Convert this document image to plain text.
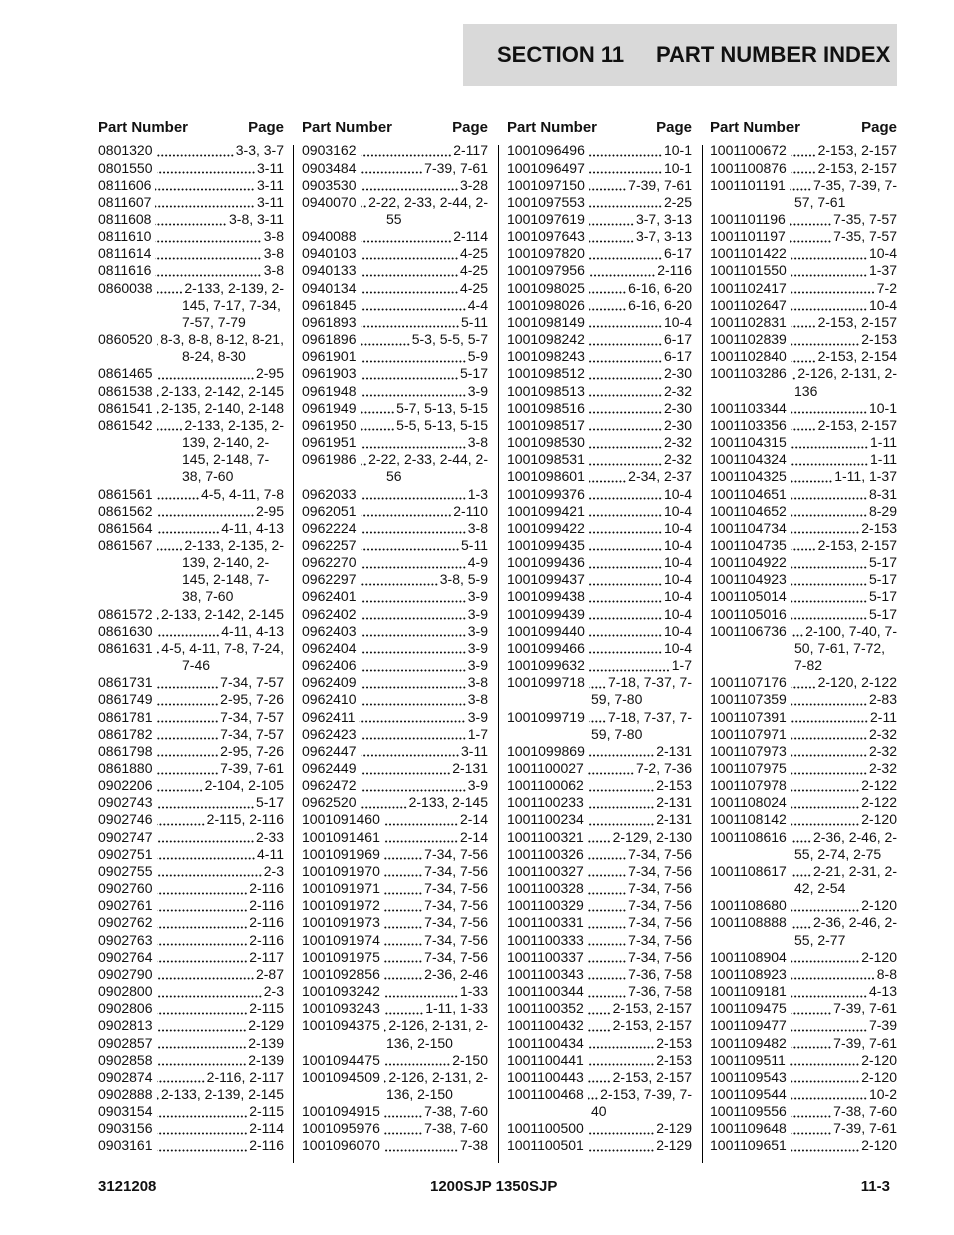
SECTION 11 PART NUMBER INDEX
Part Number	Page
0801320	3-3, 3-7
0801550	3-11
0811606	3-11
0811607	3-11
0811608	3-8, 3-11
0811610	3-8
0811614	3-8
0811616	3-8
0860038 2-133, 2-139, 2-
145, 7-17, 7-34,
7-57, 7-79
0860520 8-3, 8-8, 8-12, 8-21,
8-24, 8-30
0861465	2-95
0861538 2-133, 2-142, 2-145
0861541 2-135, 2-140, 2-148
0861542 2-133, 2-135, 2-
139, 2-140, 2-
145, 2-148, 7-
38, 7-60
0861561	4-5, 4-11, 7-8
0861562	2-95
0861564	4-11, 4-13
0861567 2-133, 2-135, 2-
139, 2-140, 2-
145, 2-148, 7-
38, 7-60
0861572 2-133, 2-142, 2-145
0861630	4-11, 4-13
0861631 4-5, 4-11, 7-8, 7-24,
7-46
0861731	7-34, 7-57
0861749	2-95, 7-26
0861781	7-34, 7-57
0861782	7-34, 7-57
0861798	2-95, 7-26
0861880	7-39, 7-61
0902206	2-104, 2-105
0902743	5-17
0902746	2-115, 2-116
0902747	2-33
0902751	4-11
0902755	2-3
0902760	2-116
0902761	2-116
0902762	2-116
0902763	2-116
0902764	2-117
0902790	2-87
0902800	2-3
0902806	2-115
0902813	2-129
0902857	2-139
0902858	2-139
0902874	2-116, 2-117
0902888 2-133, 2-139, 2-145
0903154	2-115
0903156	2-114
0903161	2-116
Part Number	Page
0903162	2-117
0903484	7-39, 7-61
0903530	3-28
0940070 2-22, 2-33, 2-44, 2-
55
0940088	2-114
0940103	4-25
0940133	4-25
0940134	4-25
0961845	4-4
0961893	5-11
0961896	5-3, 5-5, 5-7
0961901	5-9
0961903	5-17
0961948	3-9
0961949	5-7, 5-13, 5-15
0961950	5-5, 5-13, 5-15
0961951	3-8
0961986 2-22, 2-33, 2-44, 2-
56
0962033	1-3
0962051	2-110
0962224	3-8
0962257	5-11
0962270	4-9
0962297	3-8, 5-9
0962401	3-9
0962402	3-9
0962403	3-9
0962404	3-9
0962406	3-9
0962409	3-8
0962410	3-8
0962411	3-9
0962423	1-7
0962447	3-11
0962449	2-131
0962472	3-9
0962520	2-133, 2-145
1001091460	2-14
1001091461	2-14
1001091969	7-34, 7-56
1001091970	7-34, 7-56
1001091971	7-34, 7-56
1001091972	7-34, 7-56
1001091973	7-34, 7-56
1001091974	7-34, 7-56
1001091975	7-34, 7-56
1001092856	2-36, 2-46
1001093242	1-33
1001093243	1-11, 1-33
1001094375 2-126, 2-131, 2-
136, 2-150
1001094475	2-150
1001094509 2-126, 2-131, 2-
136, 2-150
1001094915	7-38, 7-60
1001095976	7-38, 7-60
1001096070	7-38
Part Number	Page
1001096496	10-1
1001096497	10-1
1001097150	7-39, 7-61
1001097553	2-25
1001097619	3-7, 3-13
1001097643	3-7, 3-13
1001097820	6-17
1001097956	2-116
1001098025	6-16, 6-20
1001098026	6-16, 6-20
1001098149	10-4
1001098242	6-17
1001098243	6-17
1001098512	2-30
1001098513	2-32
1001098516	2-30
1001098517	2-30
1001098530	2-32
1001098531	2-32
1001098601	2-34, 2-37
1001099376	10-4
1001099421	10-4
1001099422	10-4
1001099435	10-4
1001099436	10-4
1001099437	10-4
1001099438	10-4
1001099439	10-4
1001099440	10-4
1001099466	10-4
1001099632	1-7
1001099718 7-18, 7-37, 7-
59, 7-80
1001099719 7-18, 7-37, 7-
59, 7-80
1001099869	2-131
1001100027	7-2, 7-36
1001100062	2-153
1001100233	2-131
1001100234	2-131
1001100321 2-129, 2-130
1001100326	7-34, 7-56
1001100327	7-34, 7-56
1001100328	7-34, 7-56
1001100329	7-34, 7-56
1001100331	7-34, 7-56
1001100333	7-34, 7-56
1001100337	7-34, 7-56
1001100343	7-36, 7-58
1001100344	7-36, 7-58
1001100352 2-153, 2-157
1001100432 2-153, 2-157
1001100434	2-153
1001100441	2-153
1001100443 2-153, 2-157
1001100468 2-153, 7-39, 7-
40
1001100500	2-129
1001100501	2-129
Part Number	Page
1001100672 2-153, 2-157
1001100876 2-153, 2-157
1001101191 7-35, 7-39, 7-
57, 7-61
1001101196	7-35, 7-57
1001101197	7-35, 7-57
1001101422	10-4
1001101550	1-37
1001102417	7-2
1001102647	10-4
1001102831 2-153, 2-157
1001102839	2-153
1001102840 2-153, 2-154
1001103286 2-126, 2-131, 2-
136
1001103344	10-1
1001103356 2-153, 2-157
1001104315	1-11
1001104324	1-11
1001104325	1-11, 1-37
1001104651	8-31
1001104652	8-29
1001104734	2-153
1001104735 2-153, 2-157
1001104922	5-17
1001104923	5-17
1001105014	5-17
1001105016	5-17
1001106736 2-100, 7-40, 7-
50, 7-61, 7-72,
7-82
1001107176 2-120, 2-122
1001107359	2-83
1001107391	2-11
1001107971	2-32
1001107973	2-32
1001107975	2-32
1001107978	2-122
1001108024	2-122
1001108142	2-120
1001108616 2-36, 2-46, 2-
55, 2-74, 2-75
1001108617 2-21, 2-31, 2-
42, 2-54
1001108680	2-120
1001108888 2-36, 2-46, 2-
55, 2-77
1001108904	2-120
1001108923	8-8
1001109181	4-13
1001109475	7-39, 7-61
1001109477	7-39
1001109482	7-39, 7-61
1001109511	2-120
1001109543	2-120
1001109544	10-2
1001109556	7-38, 7-60
1001109648	7-39, 7-61
1001109651	2-120
3121208	1200SJP 1350SJP	11-3
